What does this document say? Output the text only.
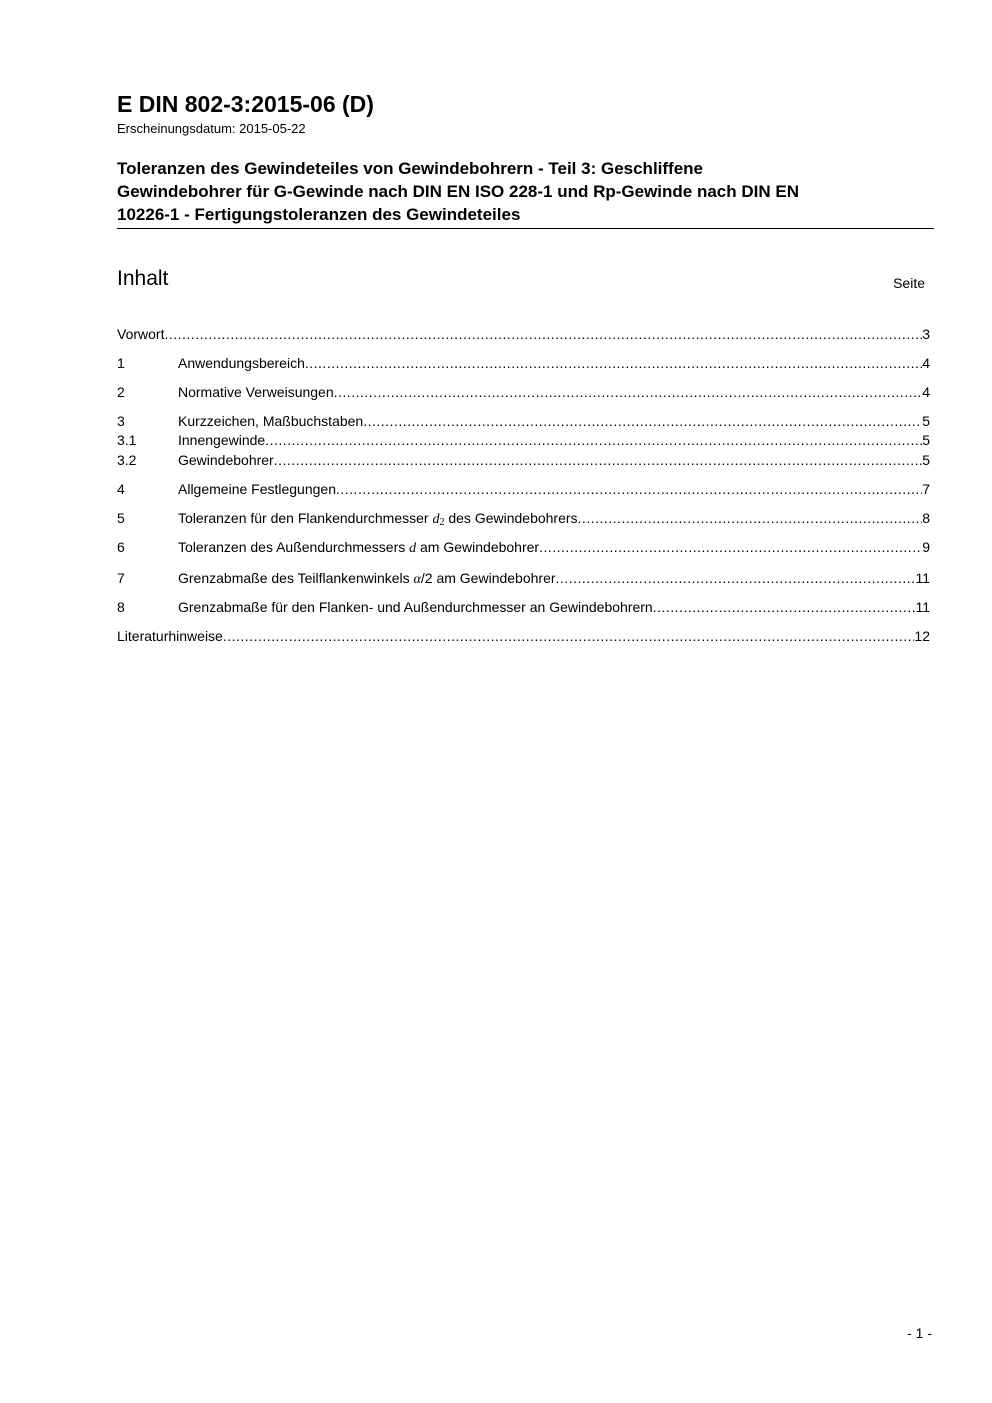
E DIN 802-3:2015-06 (D)

Erscheinungsdatum: 2015-05-22

Toleranzen des Gewindeteiles von Gewindebohrern - Teil 3: Geschliffene
Gewindebohrer für G-Gewinde nach DIN EN ISO 228-1 und Rp-Gewinde nach DIN EN
10226-1 - Fertigungstoleranzen des Gewindeteiles
Inhalt	Seite
Vorwort .....	3
1	Anwendungsbereich .....	4
2	Normative Verweisungen .....	4
3	Kurzzeichen, Maßbuchstaben .....	5
3.1	Innengewinde .....	5
3.2	Gewindebohrer .....	5
4	Allgemeine Festlegungen .....	7
5	Toleranzen für den Flankendurchmesser $d_2$ des Gewindebohrers .....	8
6	Toleranzen des Außendurchmessers d am Gewindebohrer .....	9
7	Grenzabmaße des Teilflankenwinkels α/2 am Gewindebohrer .....	11
8	Grenzabmaße für den Flanken- und Außendurchmesser an Gewindebohrern .....	11
Literaturhinweise .....	12
- 1 -
